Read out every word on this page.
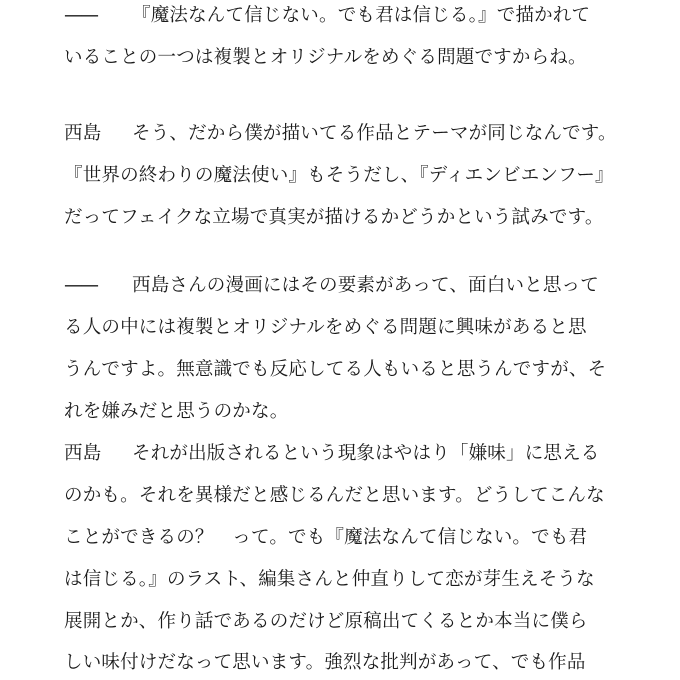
—— 『魔法なんて信じない。でも君は信じる。』で描かれて
いることの一つは複製とオリジナルをめぐる問題ですからね。
西島 そう、だから僕が描いてる作品とテーマが同じなんです。
『世界の終わりの魔法使い』もそうだし、『ディエンビエンフー』
だってフェイクな立場で真実が描けるかどうかという試みです。
—— 西島さんの漫画にはその要素があって、面白いと思って
る人の中には複製とオリジナルをめぐる問題に興味があると思
うんですよ。無意識でも反応してる人もいると思うんですが、そ
れを嫌みだと思うのかな。
西島 それが出版されるという現象はやはり「嫌味」に思える
のかも。それを異様だと感じるんだと思います。どうしてこんな
ことができるの？　って。でも『魔法なんて信じない。でも君
は信じる。』のラスト、編集さんと仲直りして恋が芽生えそうな
展開とか、作り話であるのだけど原稿出てくるとか本当に僕ら
しい味付けだなって思います。強烈な批判があって、でも作品
